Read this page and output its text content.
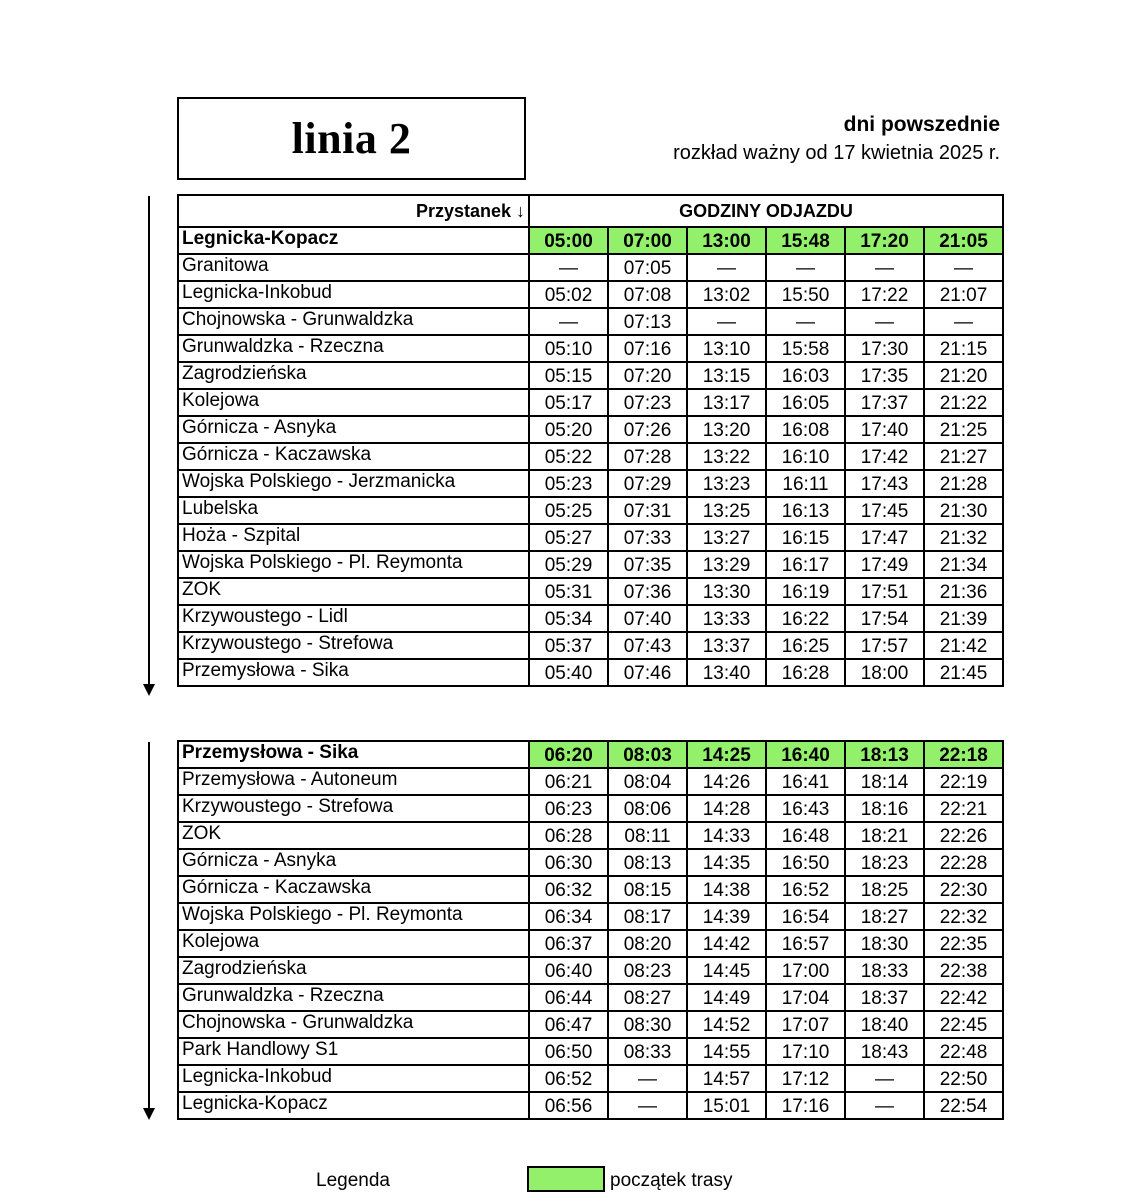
linia 2	dni powszednie
rozkład ważny od 17 kwietnia 2025 r.
Przystanek ↓	GODZINY ODJAZDU					
Legnicka-Kopacz	05:00	07:00	13:00	15:48	17:20	21:05
Granitowa	—	07:05	—	—	—	—
Legnicka-Inkobud	05:02	07:08	13:02	15:50	17:22	21:07
Chojnowska - Grunwaldzka	—	07:13	—	—	—	—
Grunwaldzka - Rzeczna	05:10	07:16	13:10	15:58	17:30	21:15
Zagrodzieńska	05:15	07:20	13:15	16:03	17:35	21:20
Kolejowa	05:17	07:23	13:17	16:05	17:37	21:22
Górnicza - Asnyka	05:20	07:26	13:20	16:08	17:40	21:25
Górnicza - Kaczawska	05:22	07:28	13:22	16:10	17:42	21:27
Wojska Polskiego - Jerzmanicka	05:23	07:29	13:23	16:11	17:43	21:28
Lubelska	05:25	07:31	13:25	16:13	17:45	21:30
Hoża - Szpital	05:27	07:33	13:27	16:15	17:47	21:32
Wojska Polskiego - Pl. Reymonta	05:29	07:35	13:29	16:17	17:49	21:34
ZOK	05:31	07:36	13:30	16:19	17:51	21:36
Krzywoustego - Lidl	05:34	07:40	13:33	16:22	17:54	21:39
Krzywoustego - Strefowa	05:37	07:43	13:37	16:25	17:57	21:42
Przemysłowa - Sika	05:40	07:46	13:40	16:28	18:00	21:45
Przemysłowa - Sika	06:20	08:03	14:25	16:40	18:13	22:18
Przemysłowa - Autoneum	06:21	08:04	14:26	16:41	18:14	22:19
Krzywoustego - Strefowa	06:23	08:06	14:28	16:43	18:16	22:21
ZOK	06:28	08:11	14:33	16:48	18:21	22:26
Górnicza - Asnyka	06:30	08:13	14:35	16:50	18:23	22:28
Górnicza - Kaczawska	06:32	08:15	14:38	16:52	18:25	22:30
Wojska Polskiego - Pl. Reymonta	06:34	08:17	14:39	16:54	18:27	22:32
Kolejowa	06:37	08:20	14:42	16:57	18:30	22:35
Zagrodzieńska	06:40	08:23	14:45	17:00	18:33	22:38
Grunwaldzka - Rzeczna	06:44	08:27	14:49	17:04	18:37	22:42
Chojnowska - Grunwaldzka	06:47	08:30	14:52	17:07	18:40	22:45
Park Handlowy S1	06:50	08:33	14:55	17:10	18:43	22:48
Legnicka-Inkobud	06:52	—	14:57	17:12	—	22:50
Legnicka-Kopacz	06:56	—	15:01	17:16	—	22:54
Legenda	początek trasy
